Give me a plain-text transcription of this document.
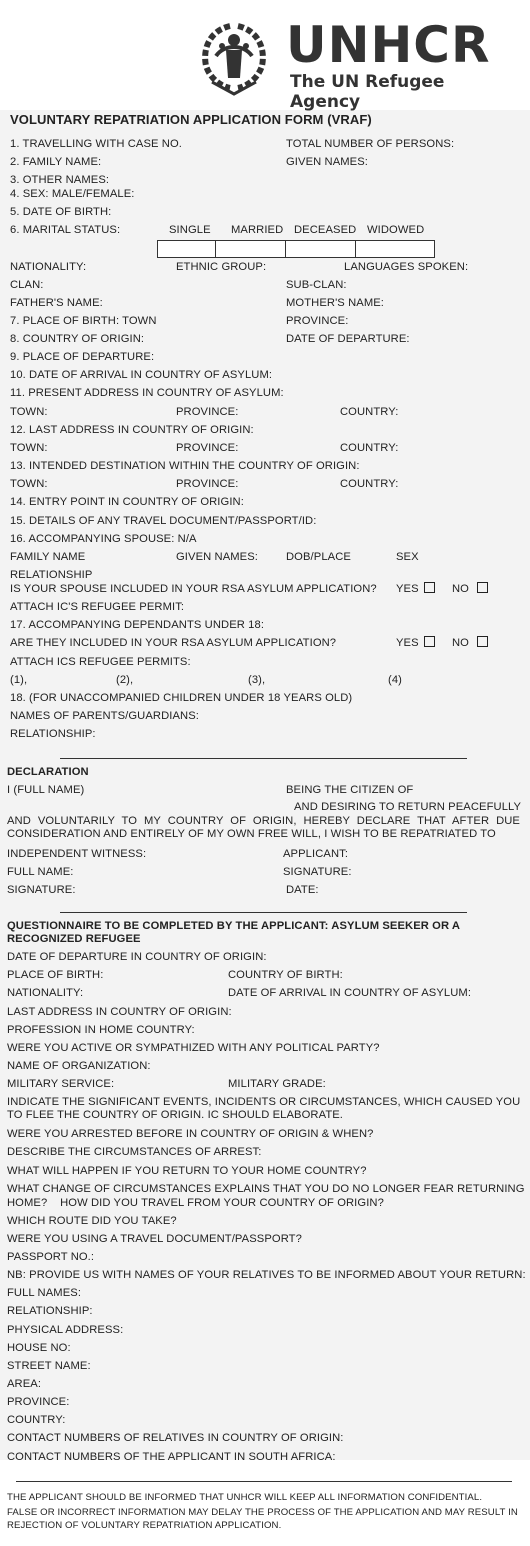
UNHCR
The UN Refugee Agency
VOLUNTARY REPATRIATION APPLICATION FORM (VRAF)
1. TRAVELLING WITH CASE NO.	TOTAL NUMBER OF PERSONS:
2. FAMILY NAME:	GIVEN NAMES:
3. OTHER NAMES:
4. SEX: MALE/FEMALE:
5. DATE OF BIRTH:
6. MARITAL STATUS:	SINGLE MARRIED DECEASED WIDOWED
NATIONALITY:	ETHNIC GROUP:	LANGUAGES SPOKEN:
CLAN:	SUB-CLAN:
FATHER'S NAME:	MOTHER'S NAME:
7. PLACE OF BIRTH: TOWN	PROVINCE:
8. COUNTRY OF ORIGIN:	DATE OF DEPARTURE:
9. PLACE OF DEPARTURE:
10. DATE OF ARRIVAL IN COUNTRY OF ASYLUM:
11. PRESENT ADDRESS IN COUNTRY OF ASYLUM:
TOWN:	PROVINCE:	COUNTRY:
12. LAST ADDRESS IN COUNTRY OF ORIGIN:
TOWN:	PROVINCE:	COUNTRY:
13. INTENDED DESTINATION WITHIN THE COUNTRY OF ORIGIN:
TOWN:	PROVINCE:	COUNTRY:
14. ENTRY POINT IN COUNTRY OF ORIGIN:
15. DETAILS OF ANY TRAVEL DOCUMENT/PASSPORT/ID:
16. ACCOMPANYING SPOUSE: N/A
FAMILY NAME	GIVEN NAMES: DOB/PLACE	SEX
RELATIONSHIP
IS YOUR SPOUSE INCLUDED IN YOUR RSA ASYLUM APPLICATION? YES	NO
ATTACH IC'S REFUGEE PERMIT:
17. ACCOMPANYING DEPENDANTS UNDER 18:
ARE THEY INCLUDED IN YOUR RSA ASYLUM APPLICATION?	YES	NO
ATTACH ICS REFUGEE PERMITS:
(1),	(2),	(3),	(4)
18. (FOR UNACCOMPANIED CHILDREN UNDER 18 YEARS OLD)
NAMES OF PARENTS/GUARDIANS:
RELATIONSHIP:
DECLARATION
I (FULL NAME)	BEING THE CITIZEN OF
AND DESIRING TO RETURN PEACEFULLY
AND VOLUNTARILY TO MY COUNTRY OF ORIGIN, HEREBY DECLARE THAT AFTER DUE CONSIDERATION AND ENTIRELY OF MY OWN FREE WILL, I WISH TO BE REPATRIATED TO
INDEPENDENT WITNESS:	APPLICANT:
FULL NAME:	SIGNATURE:
SIGNATURE:	DATE:
QUESTIONNAIRE TO BE COMPLETED BY THE APPLICANT: ASYLUM SEEKER OR A RECOGNIZED REFUGEE
DATE OF DEPARTURE IN COUNTRY OF ORIGIN:
PLACE OF BIRTH:	COUNTRY OF BIRTH:
NATIONALITY:	DATE OF ARRIVAL IN COUNTRY OF ASYLUM:
LAST ADDRESS IN COUNTRY OF ORIGIN:
PROFESSION IN HOME COUNTRY:
WERE YOU ACTIVE OR SYMPATHIZED WITH ANY POLITICAL PARTY?
NAME OF ORGANIZATION:
MILITARY SERVICE:	MILITARY GRADE:
INDICATE THE SIGNIFICANT EVENTS, INCIDENTS OR CIRCUMSTANCES, WHICH CAUSED YOU TO FLEE THE COUNTRY OF ORIGIN. IC SHOULD ELABORATE.
WERE YOU ARRESTED BEFORE IN COUNTRY OF ORIGIN & WHEN?
DESCRIBE THE CIRCUMSTANCES OF ARREST:
WHAT WILL HAPPEN IF YOU RETURN TO YOUR HOME COUNTRY?
WHAT CHANGE OF CIRCUMSTANCES EXPLAINS THAT YOU DO NO LONGER FEAR RETURNING
HOME?    HOW DID YOU TRAVEL FROM YOUR COUNTRY OF ORIGIN?
WHICH ROUTE DID YOU TAKE?
WERE YOU USING A TRAVEL DOCUMENT/PASSPORT?
PASSPORT NO.:
NB: PROVIDE US WITH NAMES OF YOUR RELATIVES TO BE INFORMED ABOUT YOUR RETURN:
FULL NAMES:
RELATIONSHIP:
PHYSICAL ADDRESS:
HOUSE NO:
STREET NAME:
AREA:
PROVINCE:
COUNTRY:
CONTACT NUMBERS OF RELATIVES IN COUNTRY OF ORIGIN:
CONTACT NUMBERS OF THE APPLICANT IN SOUTH AFRICA:
THE APPLICANT SHOULD BE INFORMED THAT UNHCR WILL KEEP ALL INFORMATION CONFIDENTIAL.
FALSE OR INCORRECT INFORMATION MAY DELAY THE PROCESS OF THE APPLICATION AND MAY RESULT IN REJECTION OF VOLUNTARY REPATRIATION APPLICATION.
